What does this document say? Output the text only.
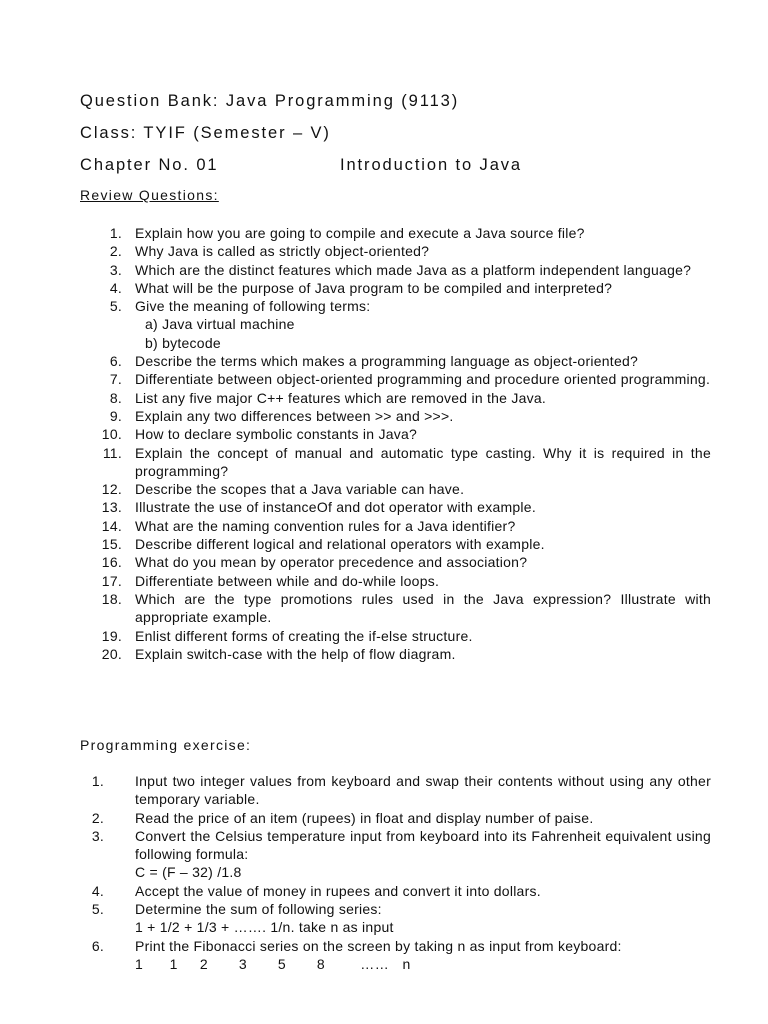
Question Bank: Java Programming (9113)
Class: TYIF (Semester – V)
Chapter No. 01	Introduction to Java
Review Questions:
1. Explain how you are going to compile and execute a Java source file?
2. Why Java is called as strictly object-oriented?
3. Which are the distinct features which made Java as a platform independent language?
4. What will be the purpose of Java program to be compiled and interpreted?
5. Give the meaning of following terms:
a) Java virtual machine
b) bytecode
6. Describe the terms which makes a programming language as object-oriented?
7. Differentiate between object-oriented programming and procedure oriented programming.
8. List any five major C++ features which are removed in the Java.
9. Explain any two differences between >> and >>>.
10. How to declare symbolic constants in Java?
11. Explain the concept of manual and automatic type casting. Why it is required in the programming?
12. Describe the scopes that a Java variable can have.
13. Illustrate the use of instanceOf and dot operator with example.
14. What are the naming convention rules for a Java identifier?
15. Describe different logical and relational operators with example.
16. What do you mean by operator precedence and association?
17. Differentiate between while and do-while loops.
18. Which are the type promotions rules used in the Java expression? Illustrate with appropriate example.
19. Enlist different forms of creating the if-else structure.
20. Explain switch-case with the help of flow diagram.
Programming exercise:
1. Input two integer values from keyboard and swap their contents without using any other temporary variable.
2. Read the price of an item (rupees) in float and display number of paise.
3. Convert the Celsius temperature input from keyboard into its Fahrenheit equivalent using following formula:
C = (F – 32) /1.8
4. Accept the value of money in rupees and convert it into dollars.
5. Determine the sum of following series:
1 + 1/2 + 1/3 + ……. 1/n. take n as input
6. Print the Fibonacci series on the screen by taking n as input from keyboard:
1      1     2       3       5       8        ……   n
